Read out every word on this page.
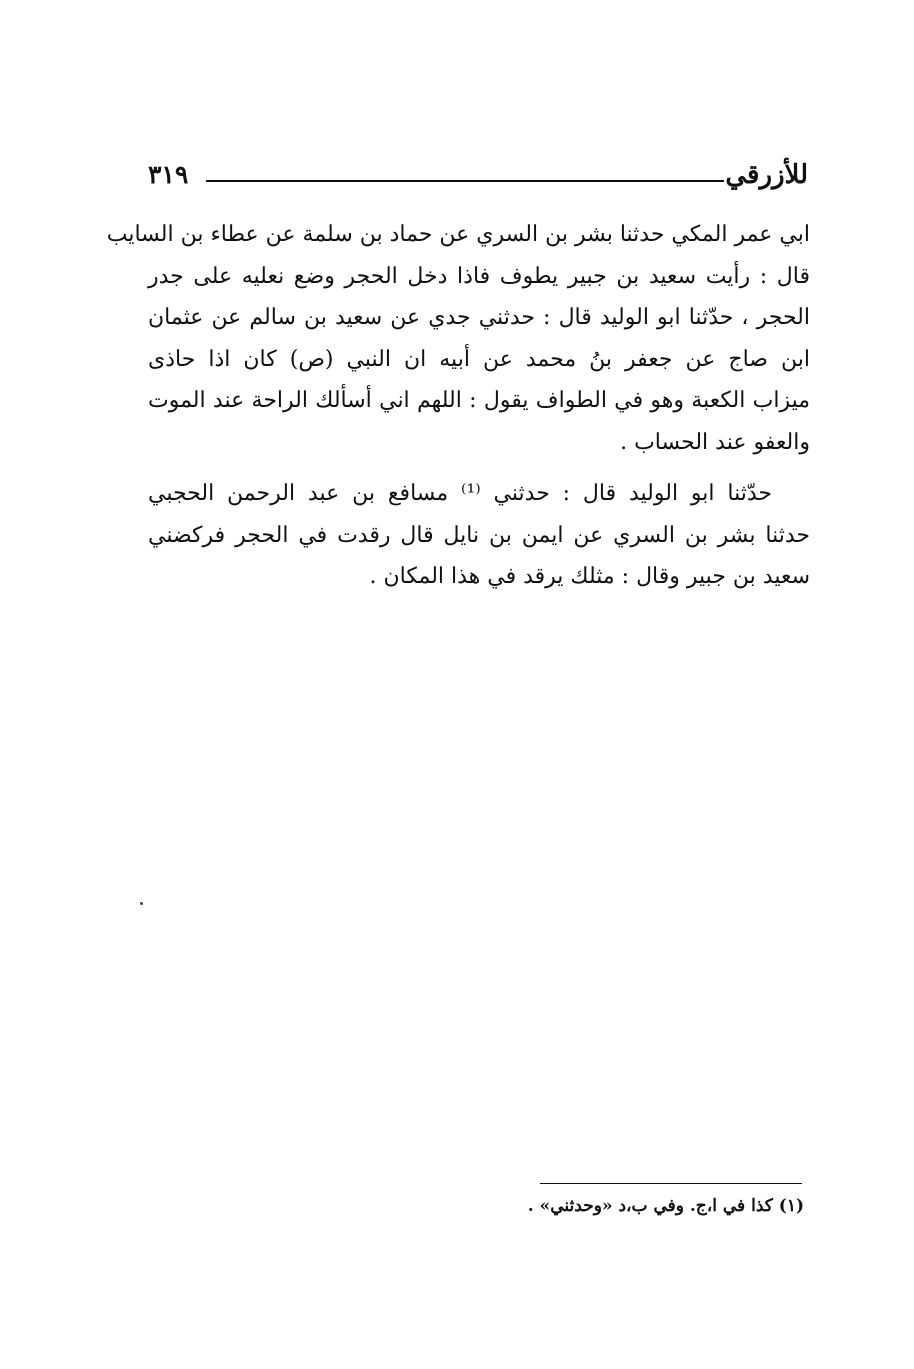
٣١٩	للأزرقي
ابي عمر المكي حدثنا بشر بن السري عن حماد بن سلمة عن عطاء بن السايب
قال : رأيت سعيد بن جبير يطوف فاذا دخل الحجر وضع نعليه على جدر
الحجر ، حدّثنا ابو الوليد قال : حدثني جدي عن سعيد بن سالم عن عثمان
ابن صاج عن جعفر بنُ محمد عن أبيه ان النبي (ص) كان اذا حاذى
ميزاب الكعبة وهو في الطواف يقول : اللهم اني أسألك الراحة عند الموت
والعفو عند الحساب .
حدّثنا ابو الوليد قال : حدثني ⁽¹⁾ مسافع بن عبد الرحمن الحجبي
حدثنا بشر بن السري عن ايمن بن نايل قال رقدت في الحجر فركضني
سعيد بن جبير وقال : مثلك يرقد في هذا المكان .
(١) كذا في ا،ج. وفي ب،د «وحدثني» .
